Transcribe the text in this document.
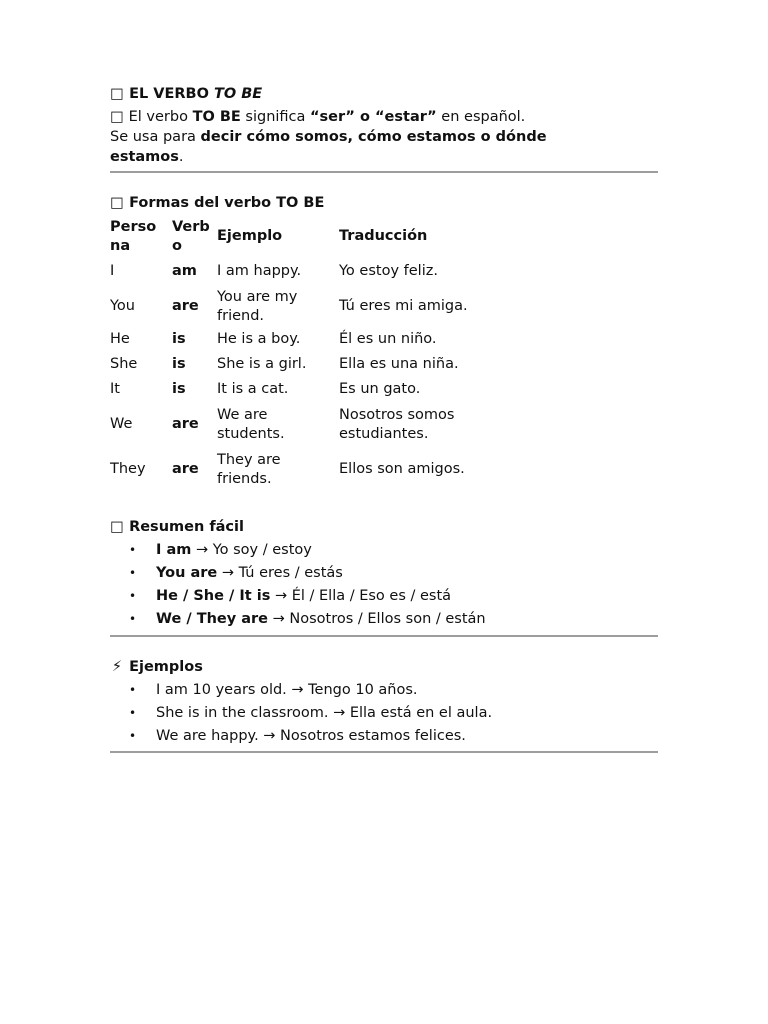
□ EL VERBO TO BE

□ El verbo TO BE significa “ser” o “estar” en español.

Se usa para decir cómo somos, cómo estamos o dónde

estamos.

□ Formas del verbo TO BE

Perso na	Verb o	Ejemplo	Traducción
I	am	I am happy.	Yo estoy feliz.
You	are	You are my friend.	Tú eres mi amiga.
He	is	He is a boy.	Él es un niño.
She	is	She is a girl.	Ella es una niña.
It	is	It is a cat.	Es un gato.
We	are	We are students.	Nosotros somos estudiantes.
They	are	They are friends.	Ellos son amigos.

□ Resumen fácil

• I am → Yo soy / estoy
• You are → Tú eres / estás
• He / She / It is → Él / Ella / Eso es / está
• We / They are → Nosotros / Ellos son / están

⚡ Ejemplos

• I am 10 years old. → Tengo 10 años.
• She is in the classroom. → Ella está en el aula.
• We are happy. → Nosotros estamos felices.
